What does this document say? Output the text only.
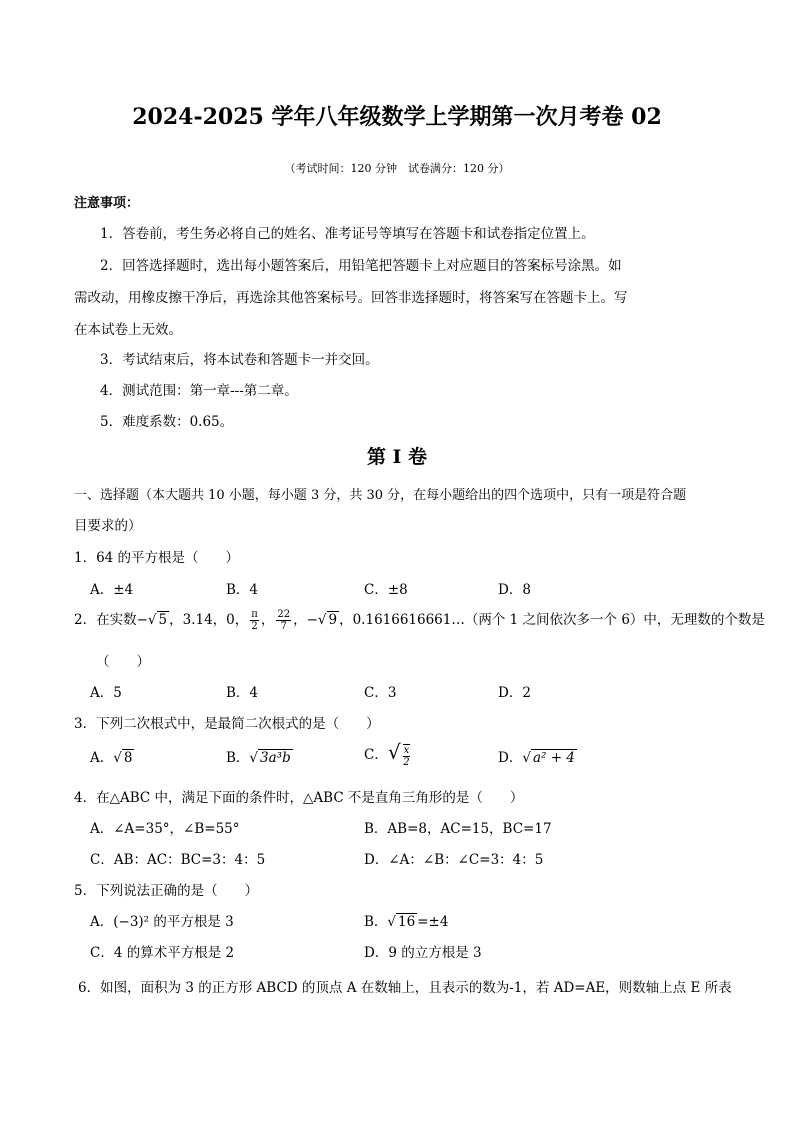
2024-2025 学年八年级数学上学期第一次月考卷 02
（考试时间：120 分钟　试卷满分：120 分）
注意事项：
1．答卷前，考生务必将自己的姓名、准考证号等填写在答题卡和试卷指定位置上。
2．回答选择题时，选出每小题答案后，用铅笔把答题卡上对应题目的答案标号涂黑。如
需改动，用橡皮擦干净后，再选涂其他答案标号。回答非选择题时，将答案写在答题卡上。写
在本试卷上无效。
3．考试结束后，将本试卷和答题卡一并交回。
4．测试范围：第一章---第二章。
5．难度系数：0.65。
第 Ⅰ 卷
一、选择题（本大题共 10 小题，每小题 3 分，共 30 分，在每小题给出的四个选项中，只有一项是符合题
目要求的）
1．64 的平方根是（　　）
A．±4	B．4	C．±8	D．8
2．在实数−√ 5 ，3.14，0， $\frac{\pi}{2}$ ， $\frac{22}{7}$ ，−√ 9 ，0.1616616661…（两个 1 之间依次多一个 6）中，无理数的个数是
（　　）
A．5	B．4	C．3	D．2
3．下列二次根式中，是最简二次根式的是（　　）
A．√ 8	B．√ 3a³b	C．√ $\frac{x}{2}$	D．√ a² + 4
4．在△ABC 中，满足下面的条件时，△ABC 不是直角三角形的是（　　）
A．∠A=35°，∠B=55°	B．AB=8，AC=15，BC=17
C．AB：AC：BC=3：4：5	D．∠A：∠B：∠C=3：4：5
5．下列说法正确的是（　　）
A．(−3)² 的平方根是 3	B．√ 16 =±4
C．4 的算术平方根是 2	D．9 的立方根是 3
6．如图，面积为 3 的正方形 ABCD 的顶点 A 在数轴上，且表示的数为-1，若 AD=AE，则数轴上点 E 所表
